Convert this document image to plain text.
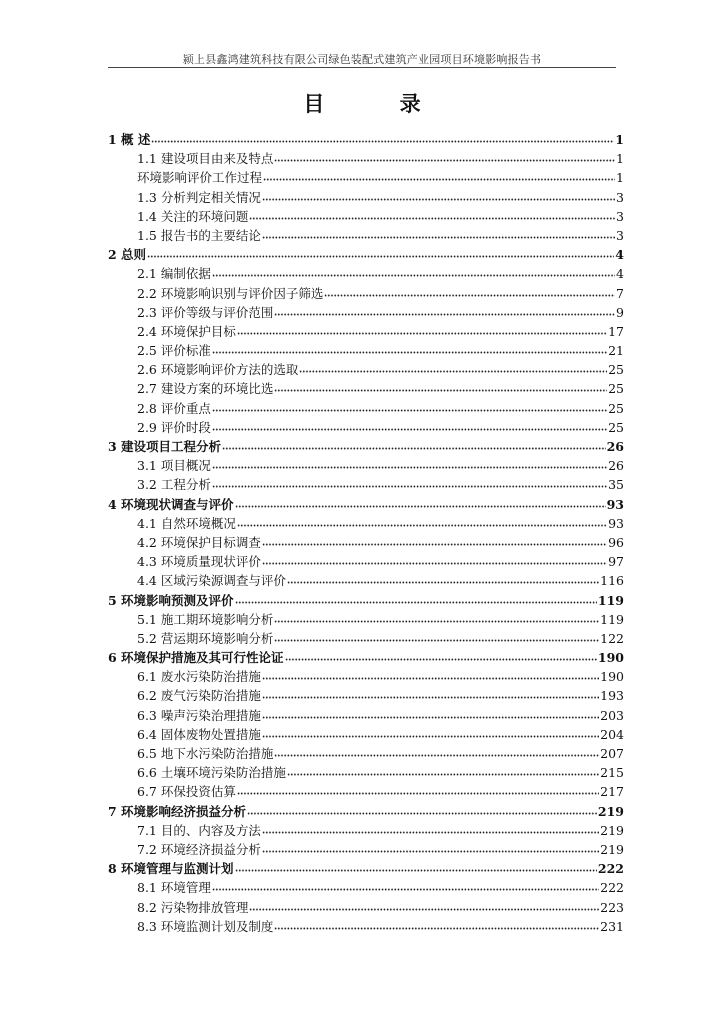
颍上县鑫鸿建筑科技有限公司绿色装配式建筑产业园项目环境影响报告书
目 录
1 概 述	1
1.1 建设项目由来及特点	1
环境影响评价工作过程	1
1.3 分析判定相关情况	3
1.4 关注的环境问题	3
1.5 报告书的主要结论	3
2 总则	4
2.1 编制依据	4
2.2 环境影响识别与评价因子筛选	7
2.3 评价等级与评价范围	9
2.4 环境保护目标	17
2.5 评价标准	21
2.6 环境影响评价方法的选取	25
2.7 建设方案的环境比选	25
2.8 评价重点	25
2.9 评价时段	25
3 建设项目工程分析	26
3.1 项目概况	26
3.2 工程分析	35
4 环境现状调查与评价	93
4.1 自然环境概况	93
4.2 环境保护目标调查	96
4.3 环境质量现状评价	97
4.4 区域污染源调查与评价	116
5 环境影响预测及评价	119
5.1 施工期环境影响分析	119
5.2 营运期环境影响分析	122
6 环境保护措施及其可行性论证	190
6.1 废水污染防治措施	190
6.2 废气污染防治措施	193
6.3 噪声污染治理措施	203
6.4 固体废物处置措施	204
6.5 地下水污染防治措施	207
6.6 土壤环境污染防治措施	215
6.7 环保投资估算	217
7 环境影响经济损益分析	219
7.1 目的、内容及方法	219
7.2 环境经济损益分析	219
8 环境管理与监测计划	222
8.1 环境管理	222
8.2 污染物排放管理	223
8.3 环境监测计划及制度	231
